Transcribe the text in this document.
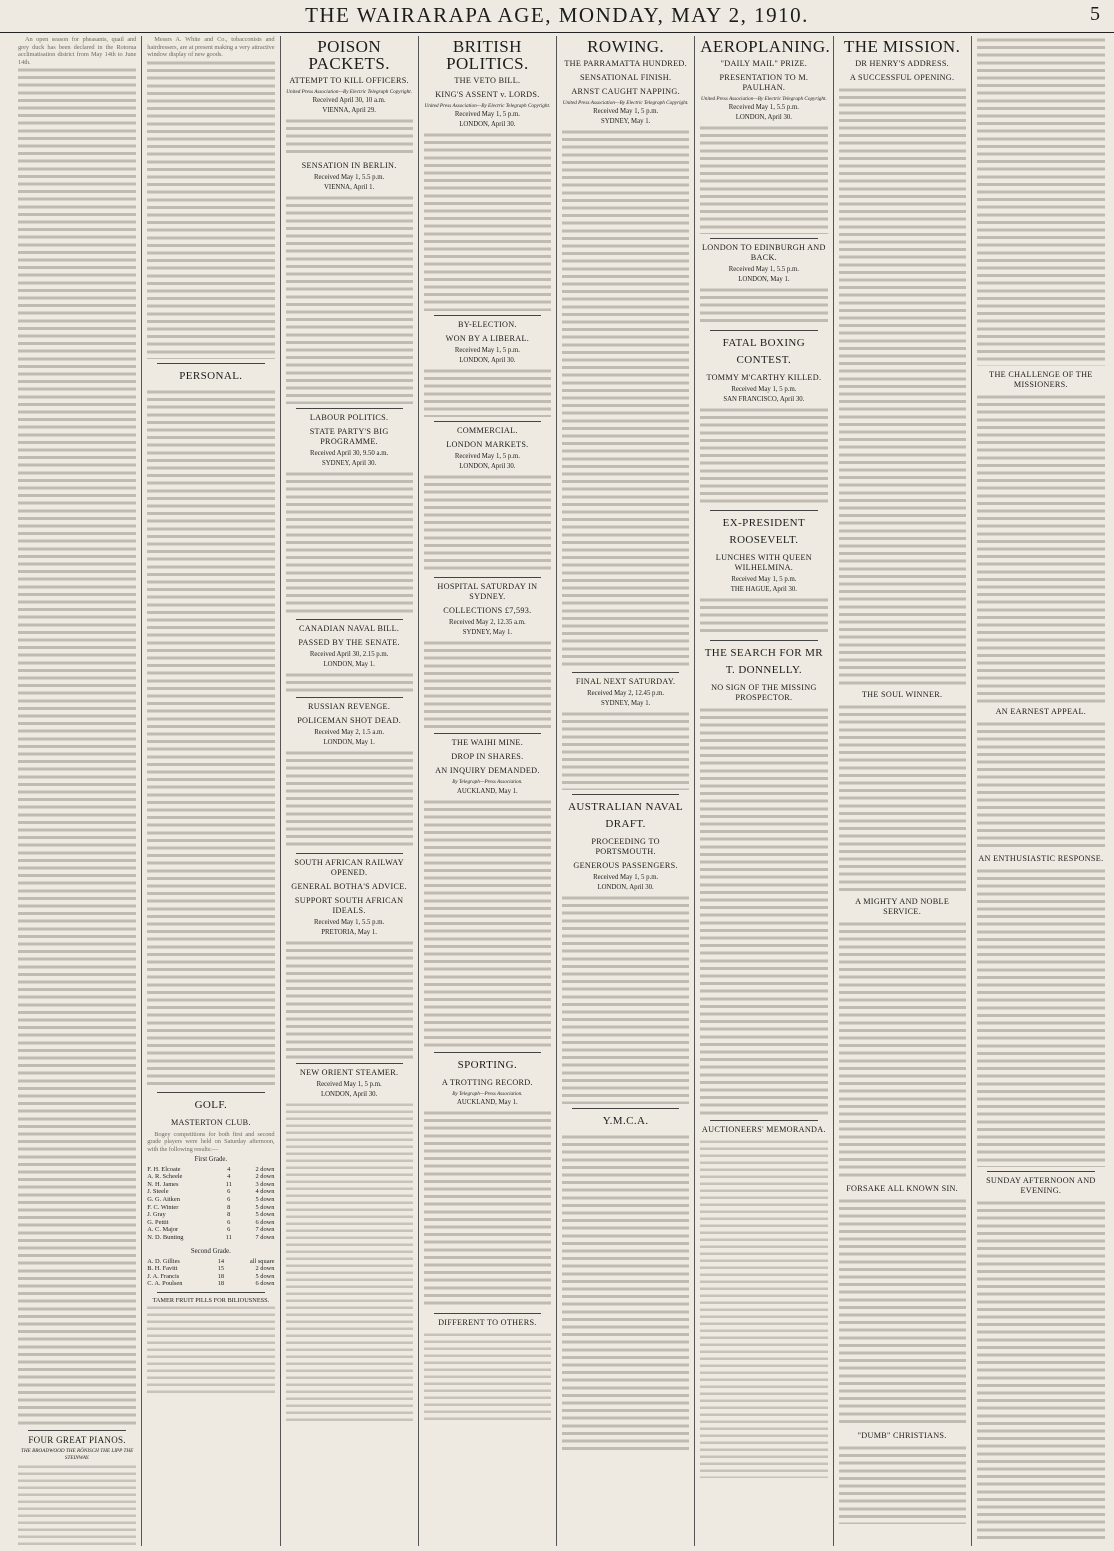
THE WAIRARAPA AGE, MONDAY, MAY 2, 1910.	5

An open season for pheasants, quail and grey duck has been declared in the Rotorua acclimatisation district from May 14th to June 14th.

FOUR GREAT PIANOS.
THE BROADWOOD THE RÖNISCH THE LIPP THE STEINWAY.

Messrs A. White and Co., tobacconists and hairdressers, are at present making a very attractive window display of new goods.

PERSONAL.
GOLF.
MASTERTON CLUB.

Bogey competitions for both first and second grade players were held on Saturday afternoon, with the following results:—

First Grade.
F. H. Elcoate	4	2 down
A. R. Scheele	4	2 down
N. H. James	11	3 down
J. Steele	6	4 down
G. G. Aitken	6	5 down
F. C. Winter	8	5 down
J. Gray	8	5 down
G. Pettit	6	6 down
A. C. Major	6	7 down
N. D. Bunting	11	7 down
Second Grade.
A. D. Gillies	14	all square
B. H. Favitt	15	2 down
J. A. Francis	18	5 down
C. A. Poulsen	18	6 down
TAMER FRUIT PILLS FOR BILIOUSNESS.
POISON PACKETS.
ATTEMPT TO KILL OFFICERS.
United Press Association—By Electric Telegraph Copyright.
Received April 30, 10 a.m.
VIENNA, April 29.
SENSATION IN BERLIN.
Received May 1, 5.5 p.m.
VIENNA, April 1.
LABOUR POLITICS.
STATE PARTY'S BIG PROGRAMME.
Received April 30, 9.50 a.m.
SYDNEY, April 30.
CANADIAN NAVAL BILL.
PASSED BY THE SENATE.
Received April 30, 2.15 p.m.
LONDON, May 1.
RUSSIAN REVENGE.
POLICEMAN SHOT DEAD.
Received May 2, 1.5 a.m.
LONDON, May 1.
SOUTH AFRICAN RAILWAY OPENED.
GENERAL BOTHA'S ADVICE.
SUPPORT SOUTH AFRICAN IDEALS.
Received May 1, 5.5 p.m.
PRETORIA, May 1.
NEW ORIENT STEAMER.
Received May 1, 5 p.m.
LONDON, April 30.
BRITISH POLITICS.
THE VETO BILL.
KING'S ASSENT v. LORDS.
United Press Association—By Electric Telegraph Copyright.
Received May 1, 5 p.m.
LONDON, April 30.
BY-ELECTION.
WON BY A LIBERAL.
Received May 1, 5 p.m.
LONDON, April 30.
COMMERCIAL.
LONDON MARKETS.
Received May 1, 5 p.m.
LONDON, April 30.
HOSPITAL SATURDAY IN SYDNEY.
COLLECTIONS £7,593.
Received May 2, 12.35 a.m.
SYDNEY, May 1.
THE WAIHI MINE.
DROP IN SHARES.
AN INQUIRY DEMANDED.
By Telegraph—Press Association.
AUCKLAND, May 1.
SPORTING.
A TROTTING RECORD.
By Telegraph—Press Association.
AUCKLAND, May 1.
DIFFERENT TO OTHERS.
ROWING.
THE PARRAMATTA HUNDRED.
SENSATIONAL FINISH.
ARNST CAUGHT NAPPING.
United Press Association—By Electric Telegraph Copyright.
Received May 1, 5 p.m.
SYDNEY, May 1.
FINAL NEXT SATURDAY.
Received May 2, 12.45 p.m.
SYDNEY, May 1.
AUSTRALIAN NAVAL DRAFT.
PROCEEDING TO PORTSMOUTH.
GENEROUS PASSENGERS.
Received May 1, 5 p.m.
LONDON, April 30.
Y.M.C.A.
AEROPLANING.
"DAILY MAIL" PRIZE.
PRESENTATION TO M. PAULHAN.
United Press Association—By Electric Telegraph Copyright.
Received May 1, 5.5 p.m.
LONDON, April 30.
LONDON TO EDINBURGH AND BACK.
Received May 1, 5.5 p.m.
LONDON, May 1.
FATAL BOXING CONTEST.
TOMMY M'CARTHY KILLED.
Received May 1, 5 p.m.
SAN FRANCISCO, April 30.
EX-PRESIDENT ROOSEVELT.
LUNCHES WITH QUEEN WILHELMINA.
Received May 1, 5 p.m.
THE HAGUE, April 30.
THE SEARCH FOR MR T. DONNELLY.
NO SIGN OF THE MISSING PROSPECTOR.
AUCTIONEERS' MEMORANDA.
THE MISSION.
DR HENRY'S ADDRESS.
A SUCCESSFUL OPENING.
THE SOUL WINNER.
A MIGHTY AND NOBLE SERVICE.
FORSAKE ALL KNOWN SIN.
"DUMB" CHRISTIANS.
THE CHALLENGE OF THE MISSIONERS.
AN EARNEST APPEAL.
AN ENTHUSIASTIC RESPONSE.
SUNDAY AFTERNOON AND EVENING.
